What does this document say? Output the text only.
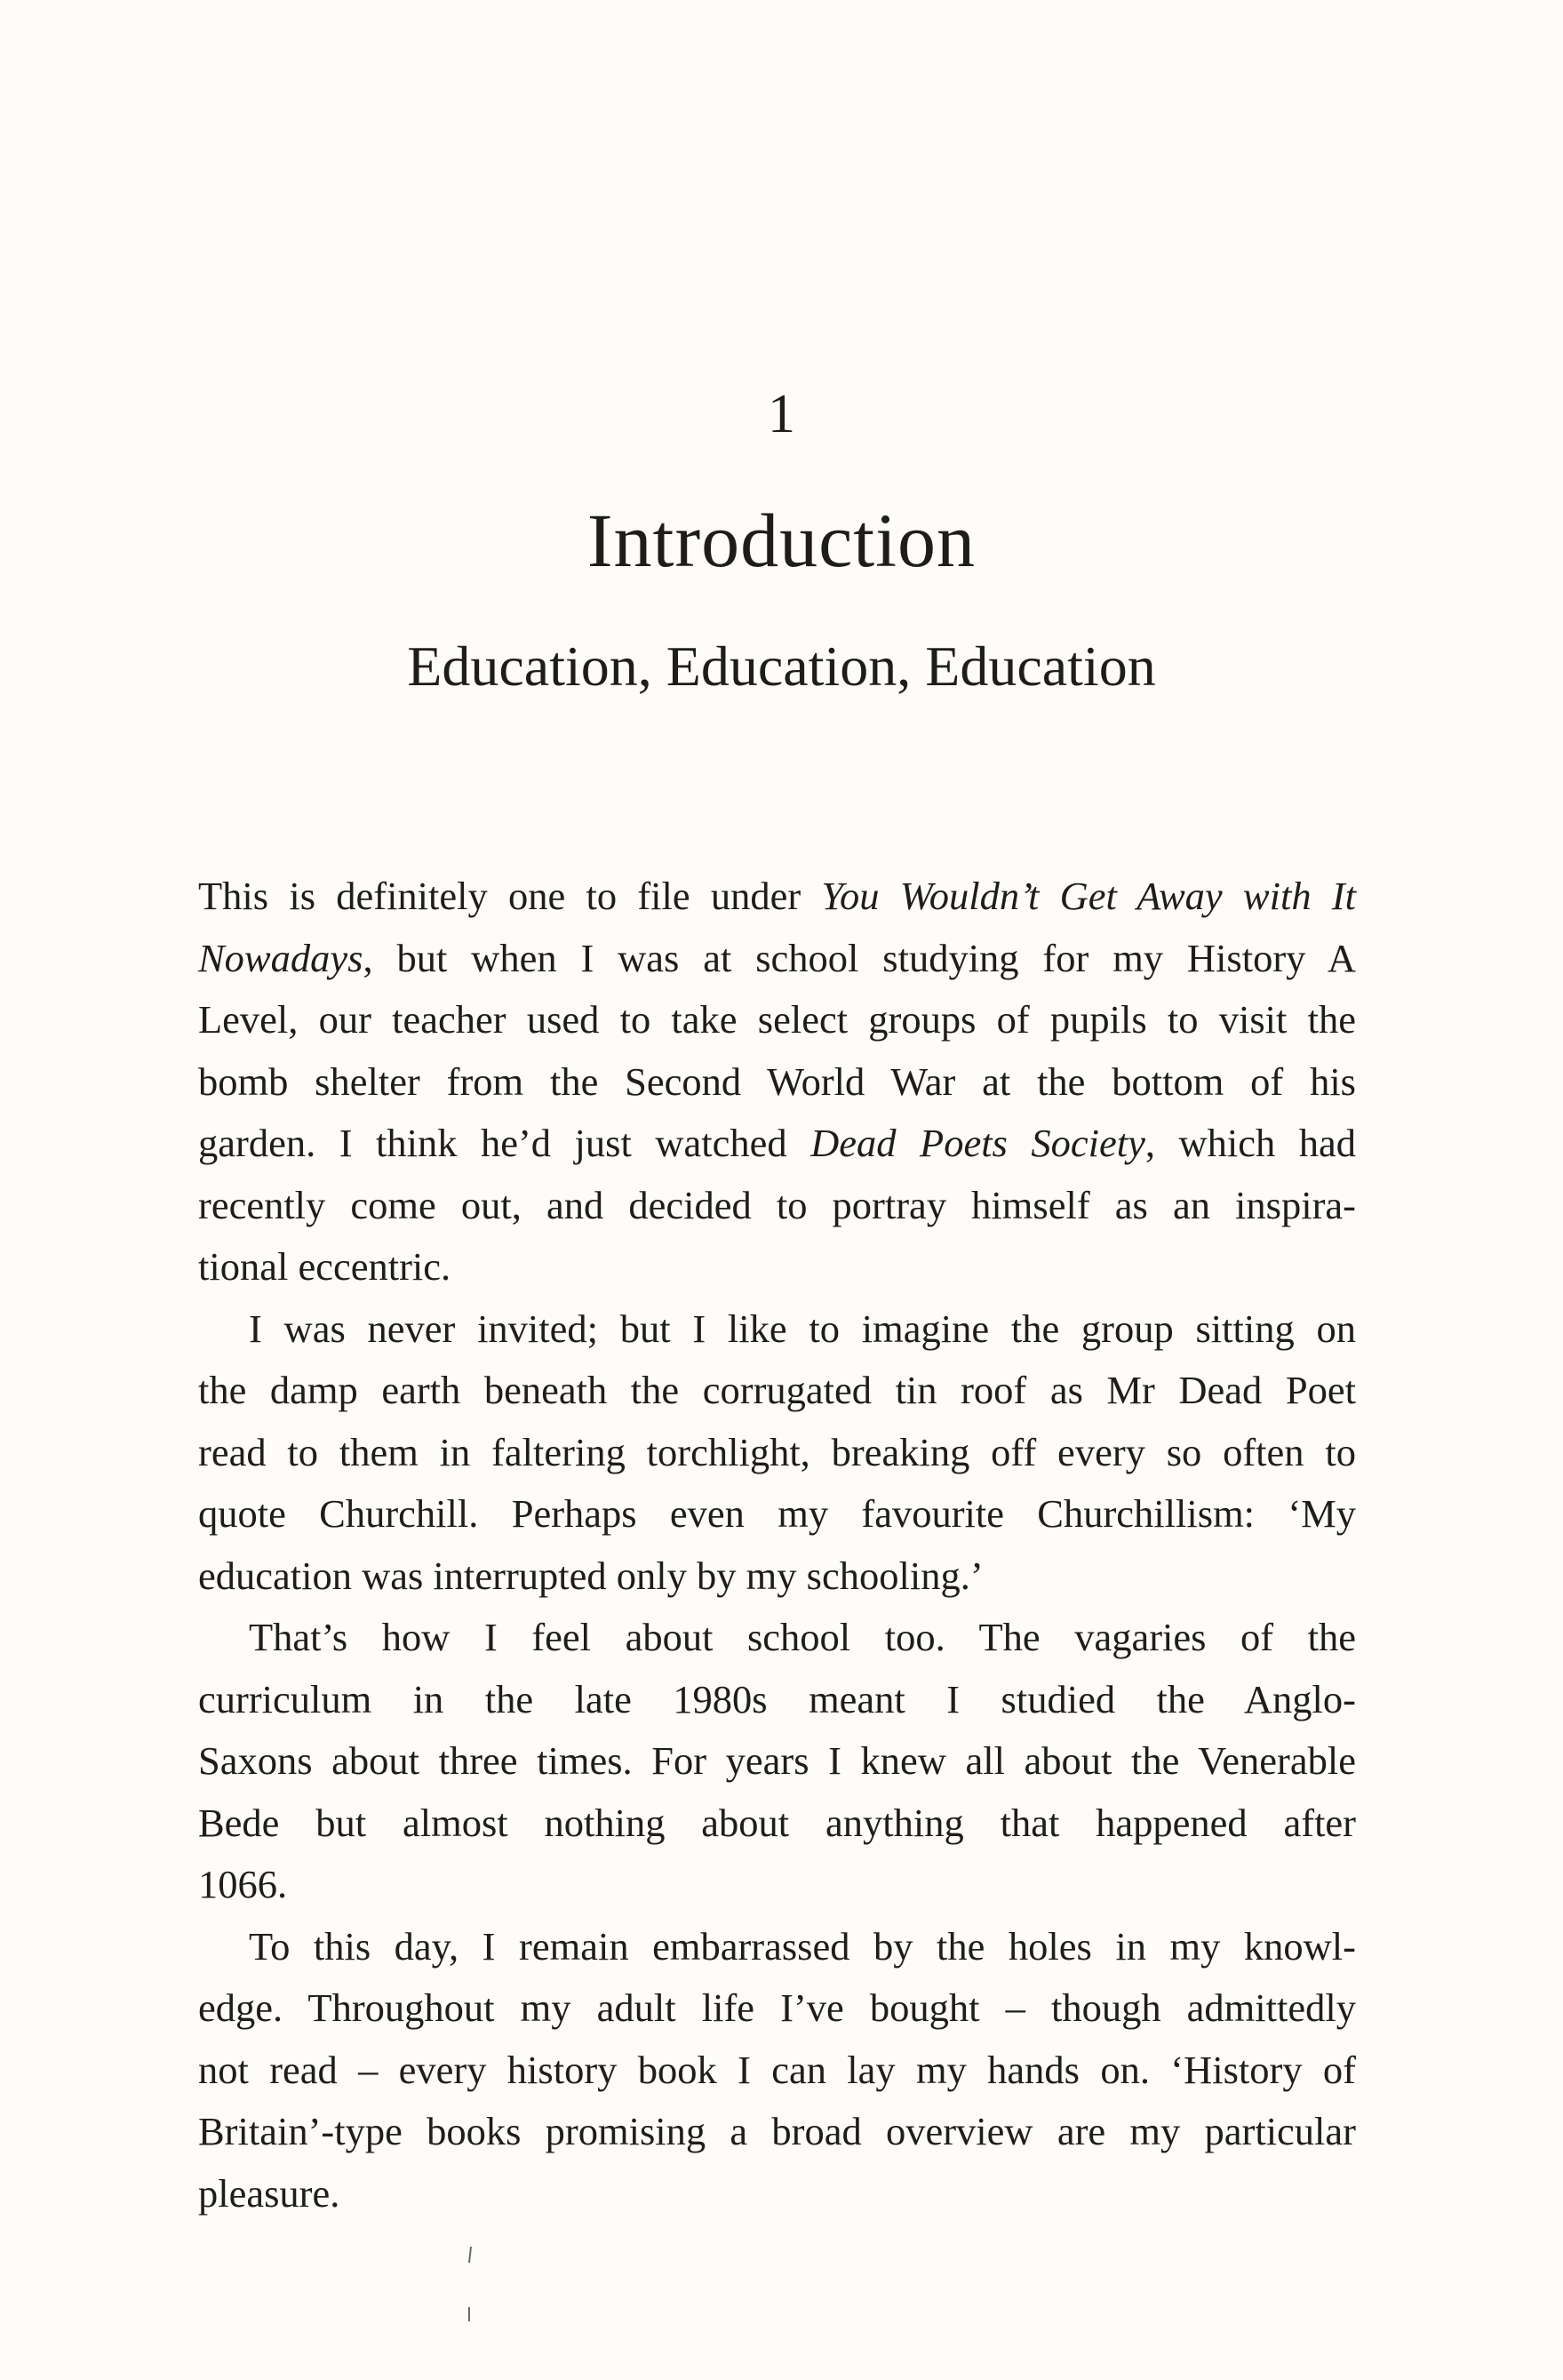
1
Introduction
Education, Education, Education
This is definitely one to file under You Wouldn’t Get Away with It
Nowadays, but when I was at school studying for my History A
Level, our teacher used to take select groups of pupils to visit the
bomb shelter from the Second World War at the bottom of his
garden. I think he’d just watched Dead Poets Society, which had
recently come out, and decided to portray himself as an inspira-
tional eccentric.
I was never invited; but I like to imagine the group sitting on
the damp earth beneath the corrugated tin roof as Mr Dead Poet
read to them in faltering torchlight, breaking off every so often to
quote Churchill. Perhaps even my favourite Churchillism: ‘My
education was interrupted only by my schooling.’
That’s how I feel about school too. The vagaries of the
curriculum in the late 1980s meant I studied the Anglo-
Saxons about three times. For years I knew all about the Venerable
Bede but almost nothing about anything that happened after
1066.
To this day, I remain embarrassed by the holes in my knowl-
edge. Throughout my adult life I’ve bought – though admittedly
not read – every history book I can lay my hands on. ‘History of
Britain’-type books promising a broad overview are my particular
pleasure.
